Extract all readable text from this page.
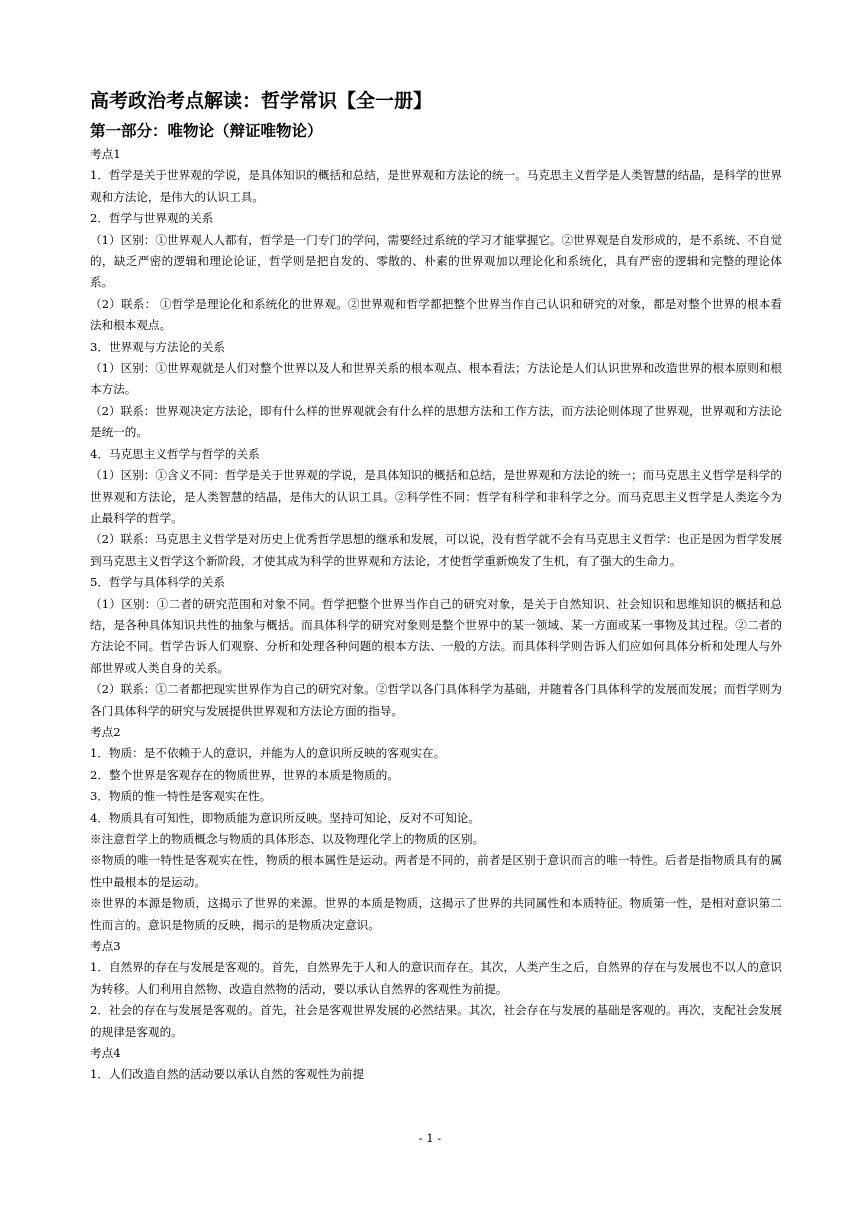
高考政治考点解读：哲学常识【全一册】
第一部分：唯物论（辩证唯物论）

考点1

1．哲学是关于世界观的学说，是具体知识的概括和总结，是世界观和方法论的统一。马克思主义哲学是人类智慧的结晶，是科学的世界观和方法论，是伟大的认识工具。

2．哲学与世界观的关系

（1）区别：①世界观人人都有，哲学是一门专门的学问，需要经过系统的学习才能掌握它。②世界观是自发形成的，是不系统、不自觉的，缺乏严密的逻辑和理论论证，哲学则是把自发的、零散的、朴素的世界观加以理论化和系统化，具有严密的逻辑和完整的理论体系。

（2）联系： ①哲学是理论化和系统化的世界观。②世界观和哲学都把整个世界当作自己认识和研究的对象，都是对整个世界的根本看法和根本观点。

3．世界观与方法论的关系

（1）区别：①世界观就是人们对整个世界以及人和世界关系的根本观点、根本看法；方法论是人们认识世界和改造世界的根本原则和根本方法。

（2）联系：世界观决定方法论，即有什么样的世界观就会有什么样的思想方法和工作方法，而方法论则体现了世界观，世界观和方法论是统一的。

4．马克思主义哲学与哲学的关系

（1）区别：①含义不同：哲学是关于世界观的学说，是具体知识的概括和总结，是世界观和方法论的统一；而马克思主义哲学是科学的世界观和方法论，是人类智慧的结晶，是伟大的认识工具。②科学性不同：哲学有科学和非科学之分。而马克思主义哲学是人类迄今为止最科学的哲学。

（2）联系：马克思主义哲学是对历史上优秀哲学思想的继承和发展，可以说，没有哲学就不会有马克思主义哲学：也正是因为哲学发展到马克思主义哲学这个新阶段，才使其成为科学的世界观和方法论，才使哲学重新焕发了生机，有了强大的生命力。

5．哲学与具体科学的关系

（1）区别：①二者的研究范围和对象不同。哲学把整个世界当作自己的研究对象，是关于自然知识、社会知识和思维知识的概括和总结，是各种具体知识共性的抽象与概括。而具体科学的研究对象则是整个世界中的某一领域、某一方面或某一事物及其过程。②二者的方法论不同。哲学告诉人们观察、分析和处理各种问题的根本方法、一般的方法。而具体科学则告诉人们应如何具体分析和处理人与外部世界或人类自身的关系。

（2）联系：①二者都把现实世界作为自己的研究对象。②哲学以各门具体科学为基础，并随着各门具体科学的发展而发展；而哲学则为各门具体科学的研究与发展提供世界观和方法论方面的指导。

考点2

1．物质：是不依赖于人的意识，并能为人的意识所反映的客观实在。

2．整个世界是客观存在的物质世界，世界的本质是物质的。

3．物质的惟一特性是客观实在性。

4．物质具有可知性，即物质能为意识所反映。坚持可知论，反对不可知论。

※注意哲学上的物质概念与物质的具体形态、以及物理化学上的物质的区别。

※物质的唯一特性是客观实在性，物质的根本属性是运动。两者是不同的，前者是区别于意识而言的唯一特性。后者是指物质具有的属性中最根本的是运动。

※世界的本源是物质，这揭示了世界的来源。世界的本质是物质，这揭示了世界的共同属性和本质特征。物质第一性，是相对意识第二性而言的。意识是物质的反映，揭示的是物质决定意识。

考点3

1．自然界的存在与发展是客观的。首先，自然界先于人和人的意识而存在。其次，人类产生之后，自然界的存在与发展也不以人的意识为转移。人们利用自然物、改造自然物的活动，要以承认自然界的客观性为前提。

2．社会的存在与发展是客观的。首先，社会是客观世界发展的必然结果。其次，社会存在与发展的基础是客观的。再次，支配社会发展的规律是客观的。

考点4

1．人们改造自然的活动要以承认自然的客观性为前提

- 1 -
